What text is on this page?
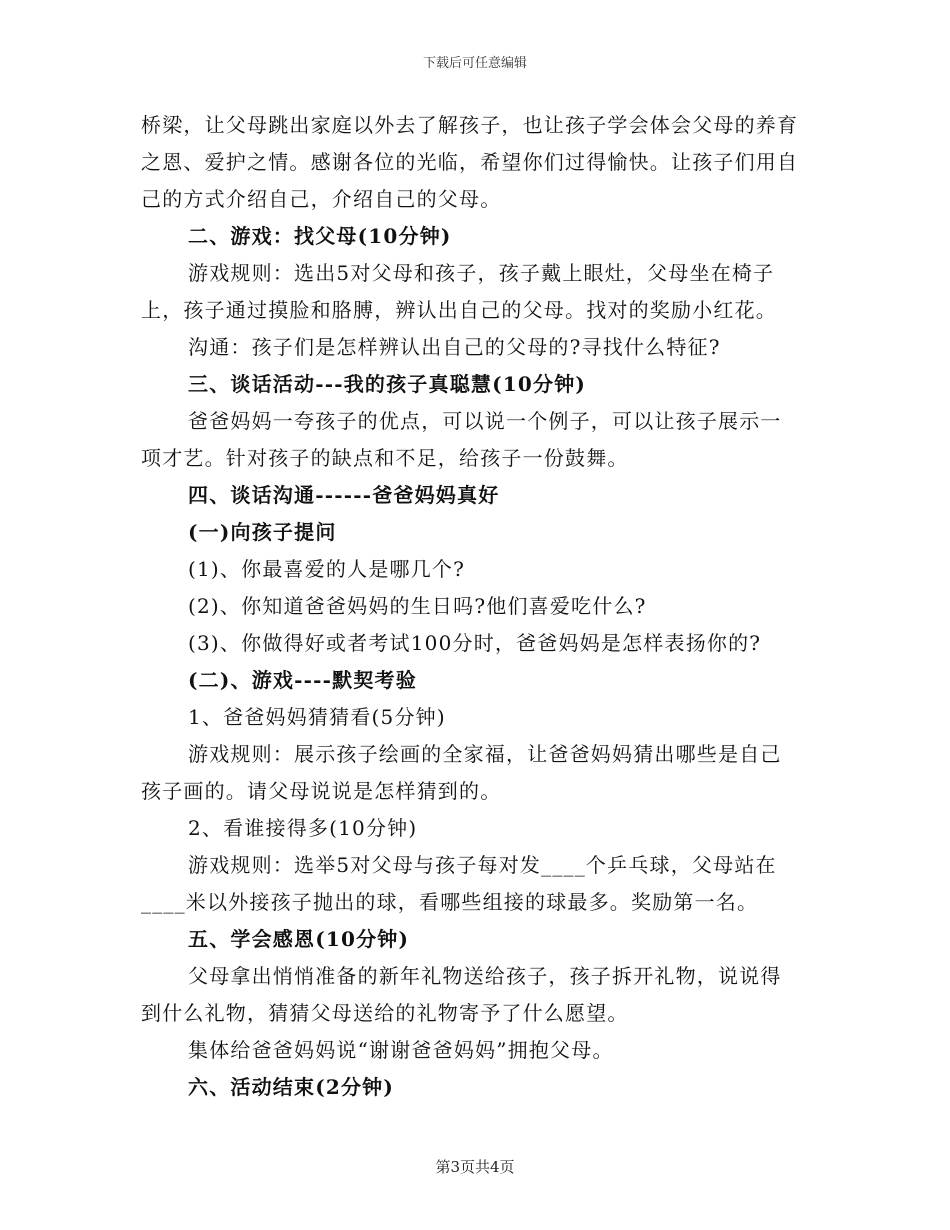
下载后可任意编辑

桥梁，让父母跳出家庭以外去了解孩子，也让孩子学会体会父母的养育之恩、爱护之情。感谢各位的光临，希望你们过得愉快。让孩子们用自己的方式介绍自己，介绍自己的父母。

二、游戏：找父母(10分钟)

游戏规则：选出5对父母和孩子，孩子戴上眼灶，父母坐在椅子上，孩子通过摸脸和胳膊，辨认出自己的父母。找对的奖励小红花。

沟通：孩子们是怎样辨认出自己的父母的?寻找什么特征?

三、谈话活动---我的孩子真聪慧(10分钟)

爸爸妈妈一夸孩子的优点，可以说一个例子，可以让孩子展示一项才艺。针对孩子的缺点和不足，给孩子一份鼓舞。

四、谈话沟通------爸爸妈妈真好

(一)向孩子提问

(1)、你最喜爱的人是哪几个?

(2)、你知道爸爸妈妈的生日吗?他们喜爱吃什么?

(3)、你做得好或者考试100分时，爸爸妈妈是怎样表扬你的?

(二)、游戏----默契考验

1、爸爸妈妈猜猜看(5分钟)

游戏规则：展示孩子绘画的全家福，让爸爸妈妈猜出哪些是自己孩子画的。请父母说说是怎样猜到的。

2、看谁接得多(10分钟)

游戏规则：选举5对父母与孩子每对发____个乒乓球，父母站在____米以外接孩子抛出的球，看哪些组接的球最多。奖励第一名。

五、学会感恩(10分钟)

父母拿出悄悄准备的新年礼物送给孩子，孩子拆开礼物，说说得到什么礼物，猜猜父母送给的礼物寄予了什么愿望。

集体给爸爸妈妈说“谢谢爸爸妈妈”拥抱父母。

六、活动结束(2分钟)

第3页共4页
